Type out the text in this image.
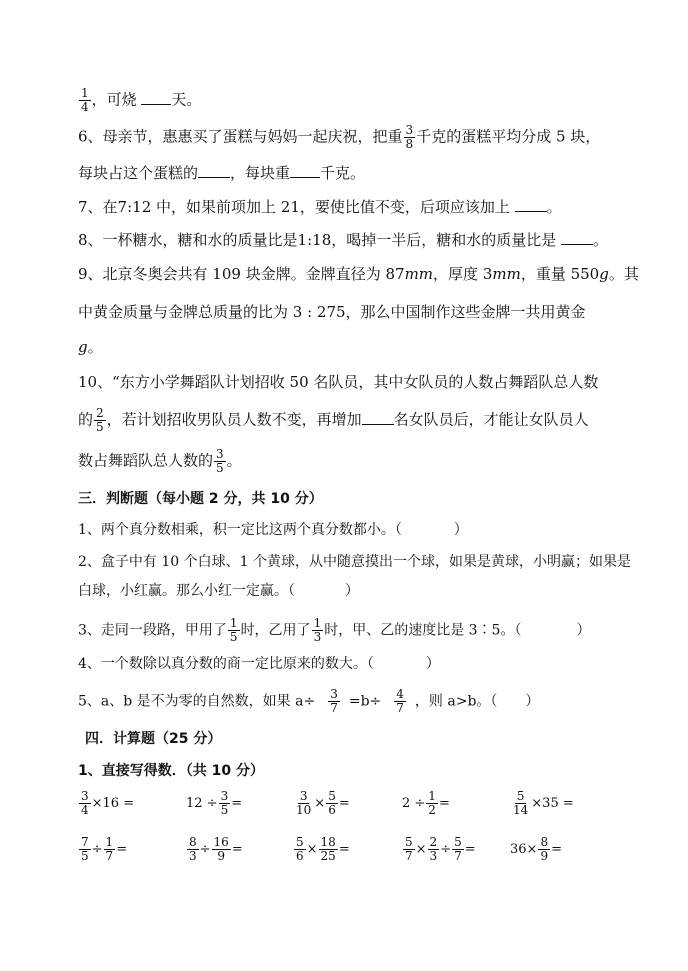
$\frac{1}{4}$ ，可烧 天。
6、母亲节，惠惠买了蛋糕与妈妈一起庆祝，把重 $\frac{3}{8}$ 千克的蛋糕平均分成 5 块，
每块占这个蛋糕的 ，每块重 千克。
7、在7:12 中，如果前项加上 21，要使比值不变，后项应该加上 。
8、一杯糖水，糖和水的质量比是1:18，喝掉一半后，糖和水的质量比是 。
9、北京冬奥会共有 109 块金牌。金牌直径为 87mm，厚度 3mm，重量 550g。其
中黄金质量与金牌总质量的比为 3 : 275，那么中国制作这些金牌一共用黄金
g。
10、“东方小学舞蹈队计划招收 50 名队员，其中女队员的人数占舞蹈队总人数
的 $\frac{2}{5}$ ，若计划招收男队员人数不变，再增加 名女队员后，才能让女队员人
数占舞蹈队总人数的 $\frac{3}{5}$ 。
三．判断题（每小题 2 分，共 10 分）
1、两个真分数相乘，积一定比这两个真分数都小。（	）
2、盒子中有 10 个白球、1 个黄球，从中随意摸出一个球，如果是黄球，小明赢；如果是
白球，小红赢。那么小红一定赢。（	）
3、走同一段路，甲用了 $\frac{1}{5}$ 时，乙用了 $\frac{1}{3}$ 时，甲、乙的速度比是 3∶5。（	）
4、一个数除以真分数的商一定比原来的数大。（	）
5、a、b 是不为零的自然数，如果 $a\div \frac{3}{7} =b\div \frac{4}{7}$ ，则 a>b。（ ）
四．计算题（25 分）
1、直接写得数．（共 10 分）
$\frac{3}{4} \times 16$ =	$12 \div \frac{3}{5}$ =	$\frac{3}{10} \times \frac{5}{6}$ =	$2 \div \frac{1}{2}$ =	$\frac{5}{14} \times 35$ =
$\frac{7}{5} \div \frac{1}{7}$ =	$\frac{8}{3} \div \frac{16}{9}$ =	$\frac{5}{6} \times \frac{18}{25}$ =	$\frac{5}{7} \times \frac{2}{3} \div \frac{5}{7}$ =	$36\times \frac{8}{9}$ =
